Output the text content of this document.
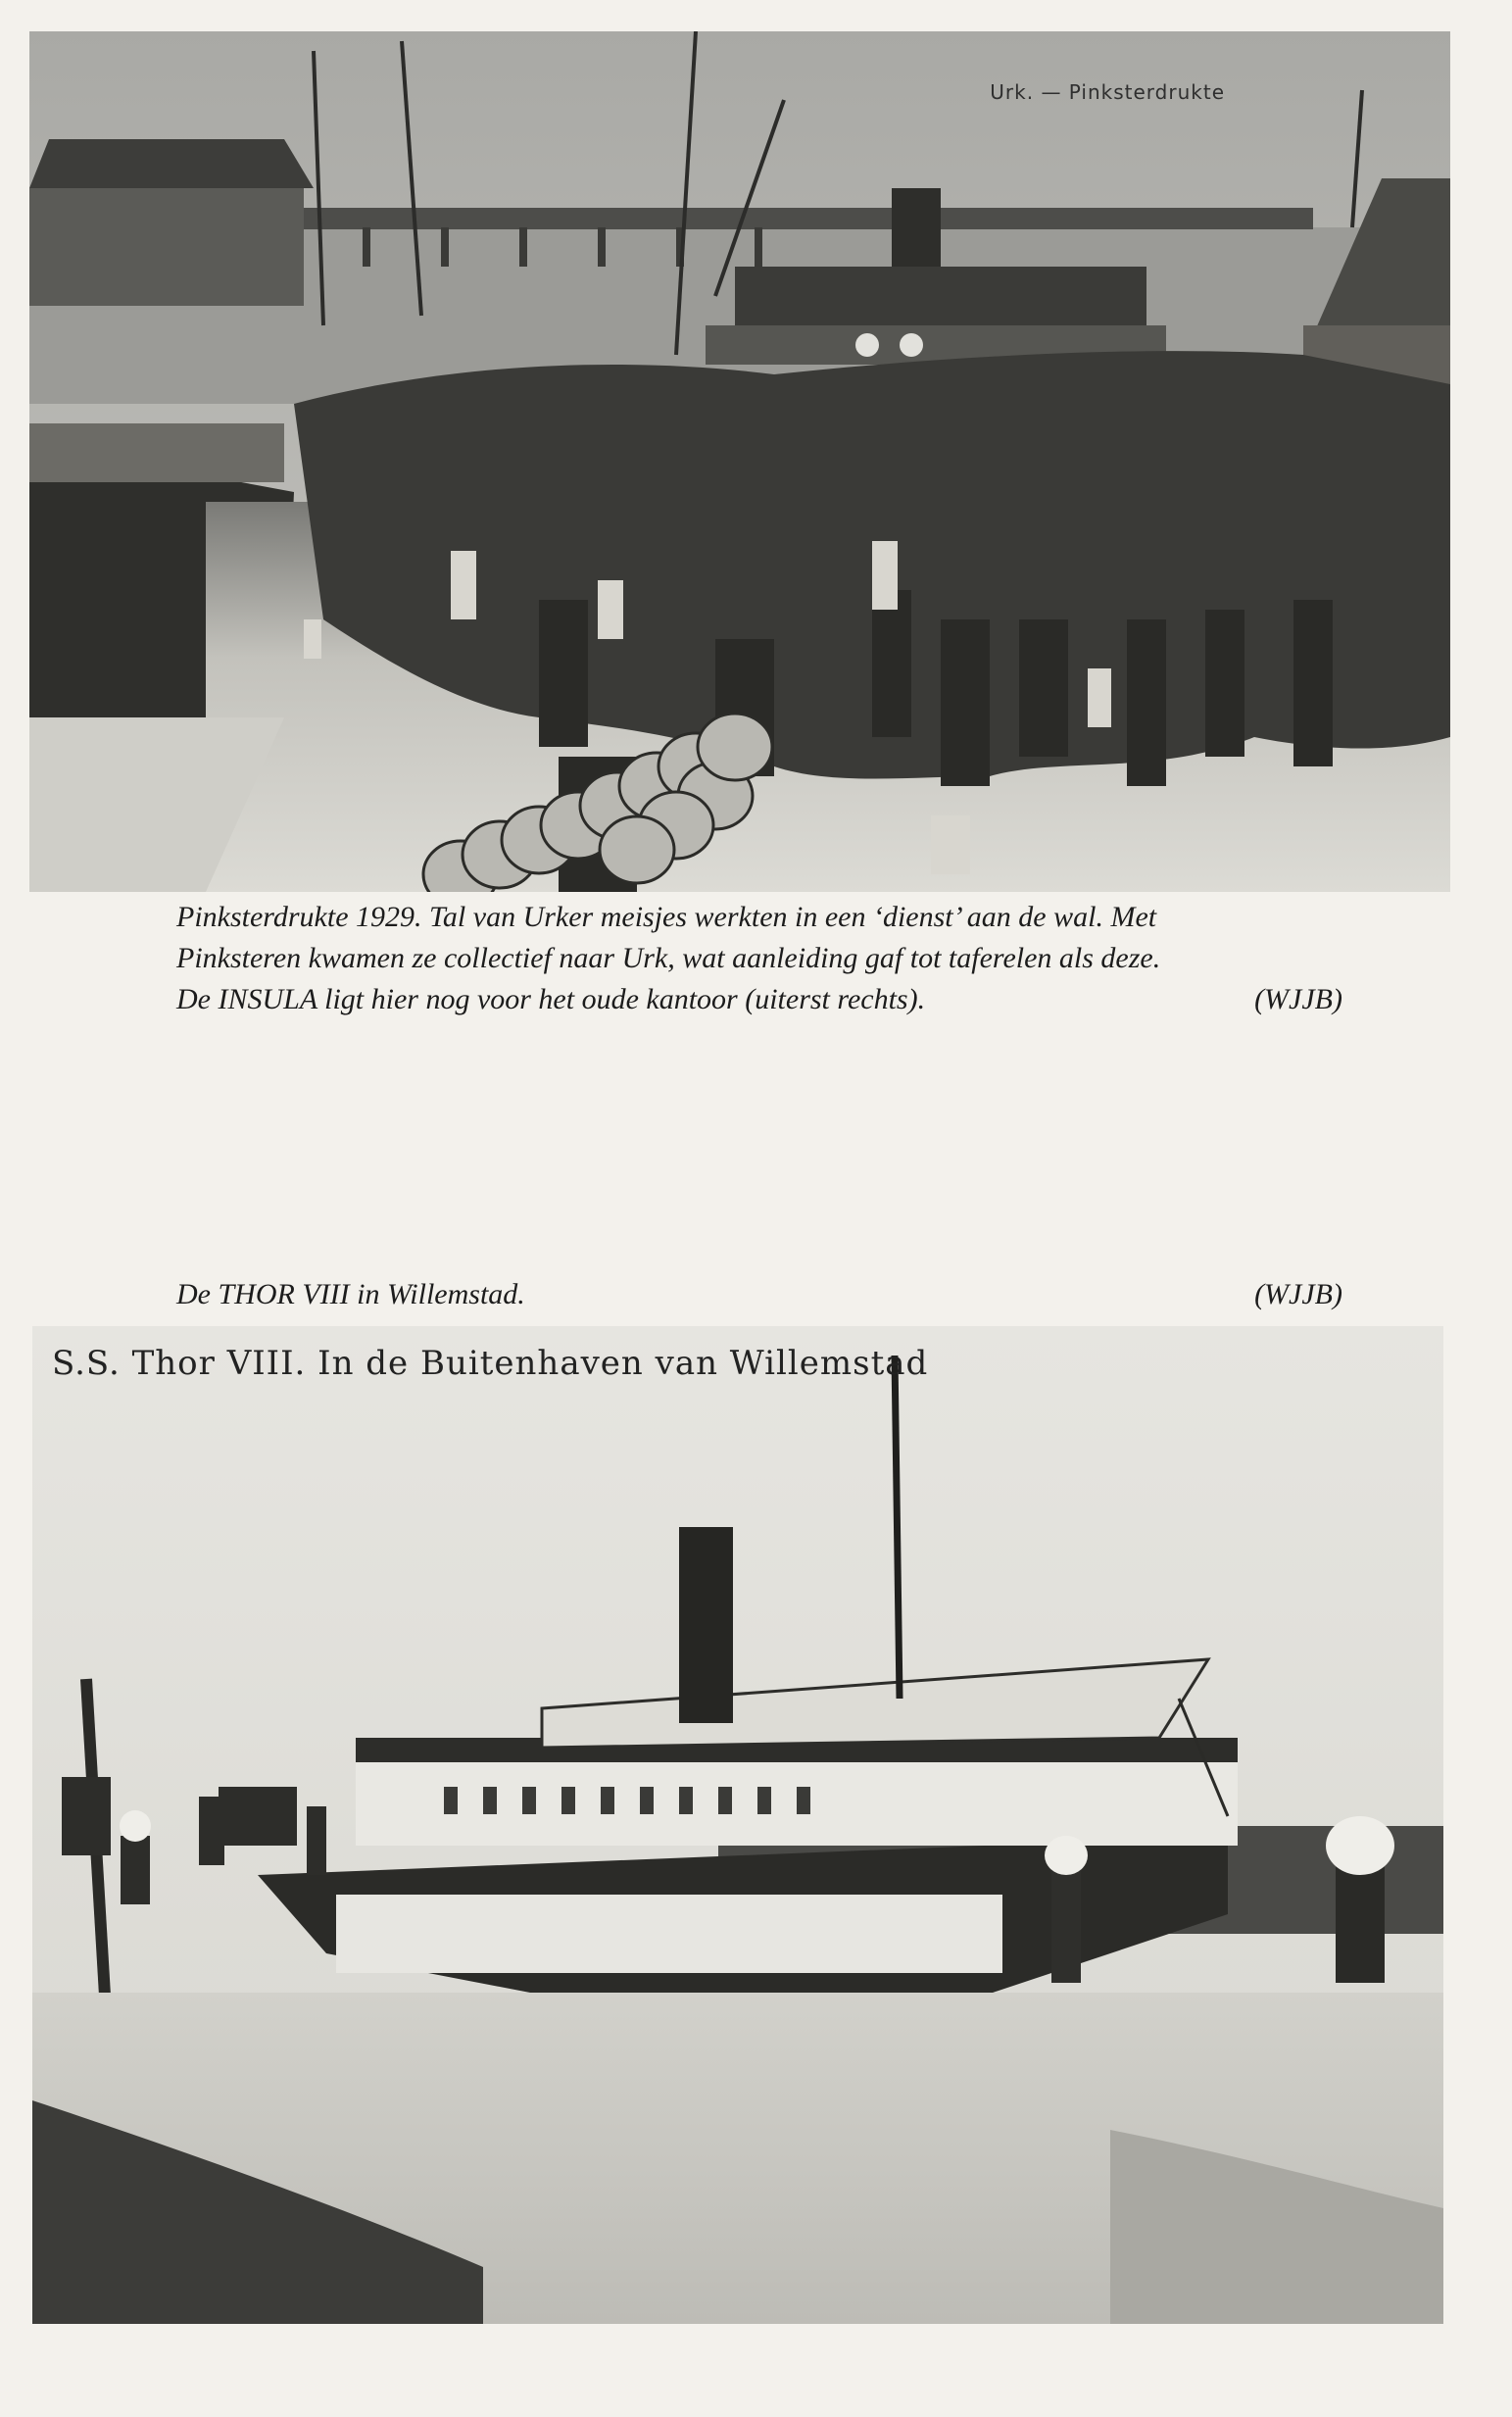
Urk. — Pinksterdrukte
Pinksterdrukte 1929. Tal van Urker meisjes werkten in een ‘dienst’ aan de wal. Met
Pinksteren kwamen ze collectief naar Urk, wat aanleiding gaf tot taferelen als deze.
De INSULA ligt hier nog voor het oude kantoor (uiterst rechts).	(WJJB)
De THOR VIII in Willemstad.	(WJJB)
S.S. Thor VIII. In de Buitenhaven van Willemstad
